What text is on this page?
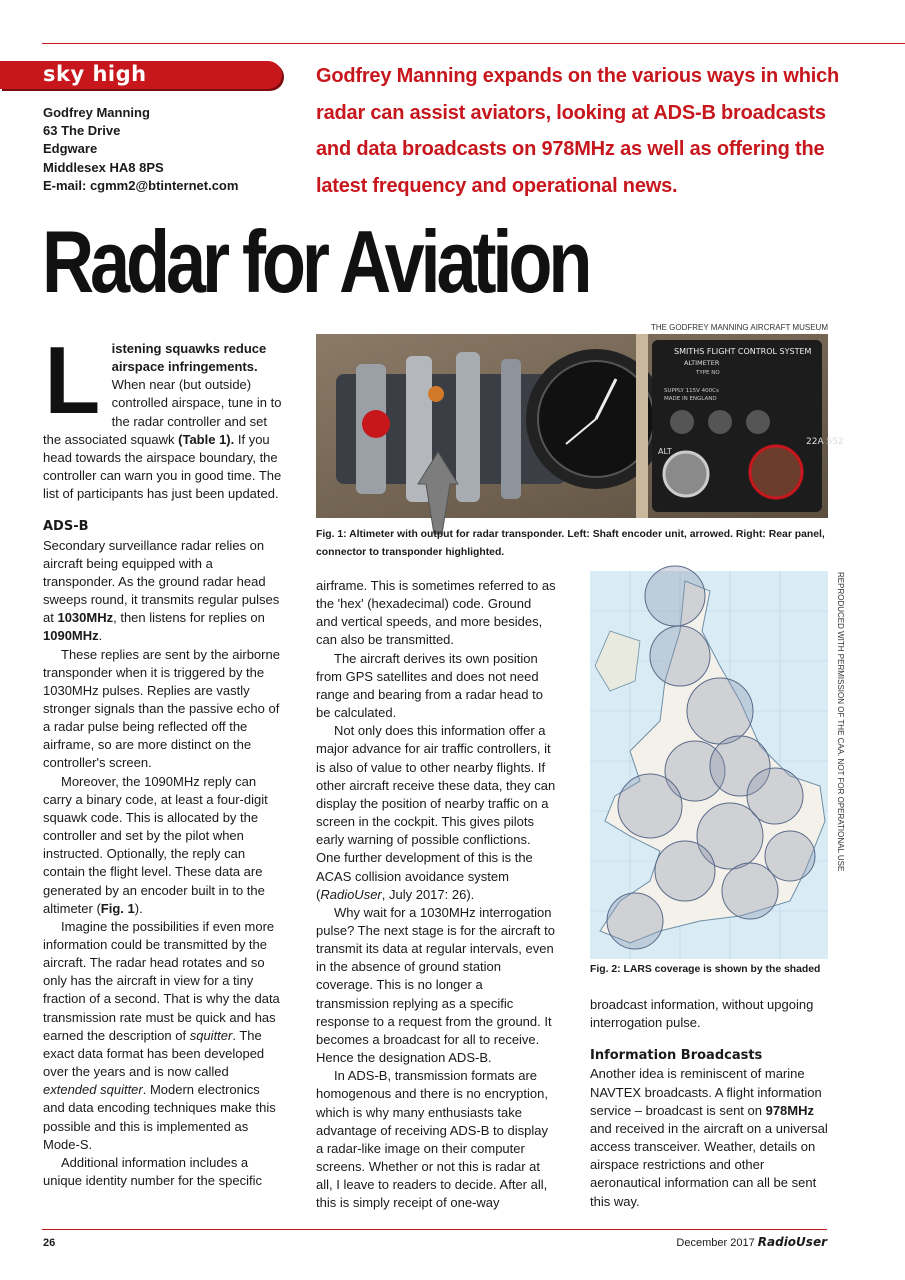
sky high
Godfrey Manning
63 The Drive
Edgware
Middlesex HA8 8PS
E-mail: cgmm2@btinternet.com
Godfrey Manning expands on the various ways in which radar can assist aviators, looking at ADS-B broadcasts and data broadcasts on 978MHz as well as offering the latest frequency and operational news.
Radar for Aviation
THE GODFREY MANNING AIRCRAFT MUSEUM
SMITHS FLIGHT CONTROL SYSTEM
ALTIMETER
TYPE NO
SUPPLY 115V 400Cs
MADE IN ENGLAND
ALT
22A 552
Fig. 1: Altimeter with output for radar transponder. Left: Shaft encoder unit, arrowed. Right: Rear panel, connector to transponder highlighted.

Listening squawks reduce airspace infringements. When near (but outside) controlled airspace, tune in to the radar controller and set the associated squawk (Table 1). If you head towards the airspace boundary, the controller can warn you in good time. The list of participants has just been updated.

ADS-B

Secondary surveillance radar relies on aircraft being equipped with a transponder. As the ground radar head sweeps round, it transmits regular pulses at 1030MHz, then listens for replies on 1090MHz.

These replies are sent by the airborne transponder when it is triggered by the 1030MHz pulses. Replies are vastly stronger signals than the passive echo of a radar pulse being reflected off the airframe, so are more distinct on the controller's screen.

Moreover, the 1090MHz reply can carry a binary code, at least a four-digit squawk code. This is allocated by the controller and set by the pilot when instructed. Optionally, the reply can contain the flight level. These data are generated by an encoder built in to the altimeter (Fig. 1).

Imagine the possibilities if even more information could be transmitted by the aircraft. The radar head rotates and so only has the aircraft in view for a tiny fraction of a second. That is why the data transmission rate must be quick and has earned the description of squitter. The exact data format has been developed over the years and is now called extended squitter. Modern electronics and data encoding techniques make this possible and this is implemented as Mode-S.

Additional information includes a unique identity number for the specific

airframe. This is sometimes referred to as the 'hex' (hexadecimal) code. Ground and vertical speeds, and more besides, can also be transmitted.

The aircraft derives its own position from GPS satellites and does not need range and bearing from a radar head to be calculated.

Not only does this information offer a major advance for air traffic controllers, it is also of value to other nearby flights. If other aircraft receive these data, they can display the position of nearby traffic on a screen in the cockpit. This gives pilots early warning of possible conflictions. One further development of this is the ACAS collision avoidance system (RadioUser, July 2017: 26).

Why wait for a 1030MHz interrogation pulse? The next stage is for the aircraft to transmit its data at regular intervals, even in the absence of ground station coverage. This is no longer a transmission replying as a specific response to a request from the ground. It becomes a broadcast for all to receive. Hence the designation ADS-B.

In ADS-B, transmission formats are homogenous and there is no encryption, which is why many enthusiasts take advantage of receiving ADS-B to display a radar-like image on their computer screens. Whether or not this is radar at all, I leave to readers to decide. After all, this is simply receipt of one-way

Fig. 2: LARS coverage is shown by the shaded
REPRODUCED WITH PERMISSION OF THE CAA. NOT FOR OPERATIONAL USE

broadcast information, without upgoing interrogation pulse.

Information Broadcasts

Another idea is reminiscent of marine NAVTEX broadcasts. A flight information service – broadcast is sent on 978MHz and received in the aircraft on a universal access transceiver. Weather, details on airspace restrictions and other aeronautical information can all be sent this way.

26	December 2017 RadioUser
